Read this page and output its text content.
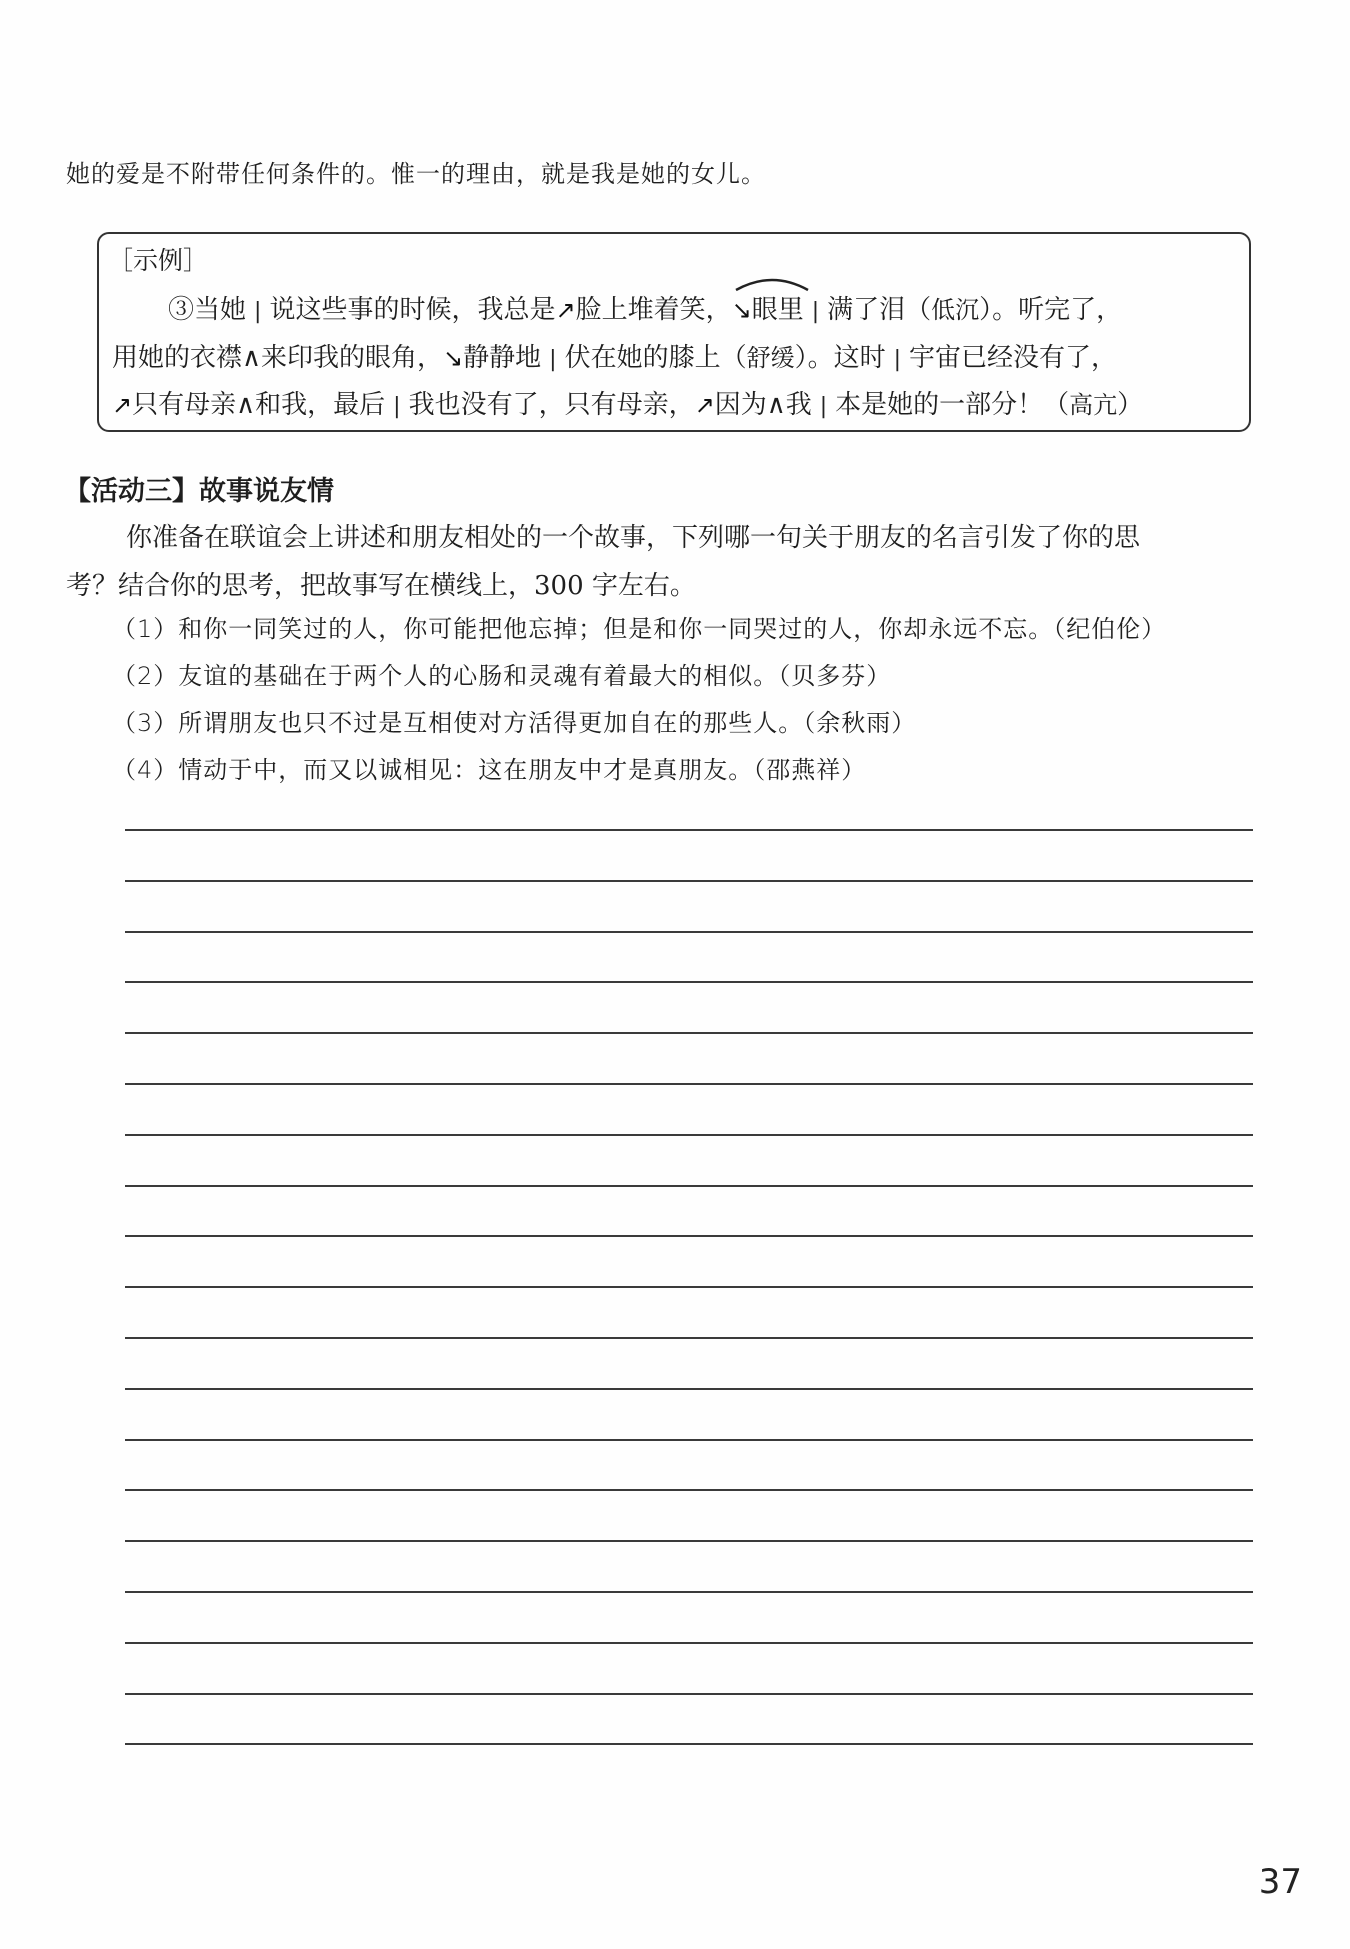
她的爱是不附带任何条件的。惟一的理由，就是我是她的女儿。
［示例］
③当她 | 说这些事的时候，我总是↗脸上堆着笑，↘眼里 | 满了泪（低沉）。听完了，
用她的衣襟∧来印我的眼角，↘静静地 | 伏在她的膝上（舒缓）。这时 | 宇宙已经没有了，
↗只有母亲∧和我，最后 | 我也没有了，只有母亲，↗因为∧我 | 本是她的一部分！（高亢）
【活动三】故事说友情
你准备在联谊会上讲述和朋友相处的一个故事，下列哪一句关于朋友的名言引发了你的思
考？结合你的思考，把故事写在横线上，300 字左右。
（1）和你一同笑过的人，你可能把他忘掉；但是和你一同哭过的人，你却永远不忘。（纪伯伦）
（2）友谊的基础在于两个人的心肠和灵魂有着最大的相似。（贝多芬）
（3）所谓朋友也只不过是互相使对方活得更加自在的那些人。（余秋雨）
（4）情动于中，而又以诚相见：这在朋友中才是真朋友。（邵燕祥）
37
